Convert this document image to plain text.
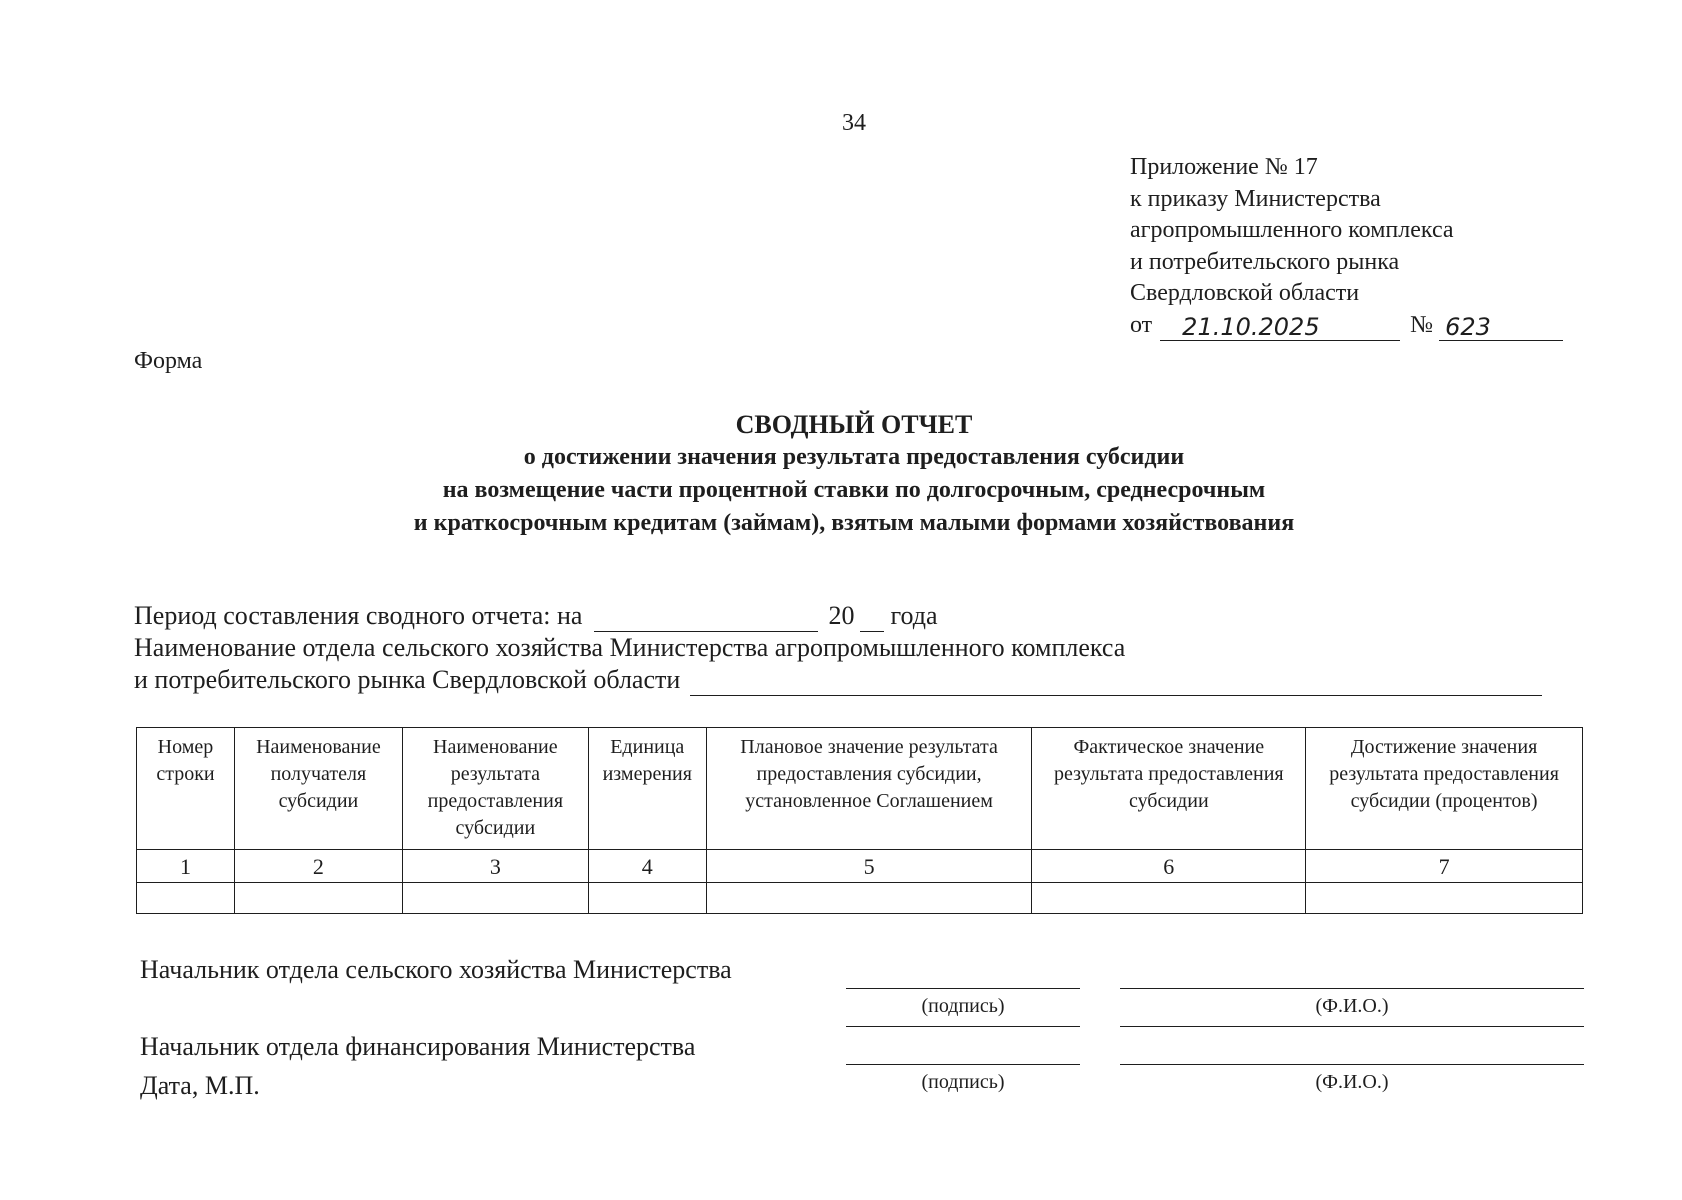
34
Приложение № 17
к приказу Министерства
агропромышленного комплекса
и потребительского рынка
Свердловской области
от	21.10.2025	№ 623
Форма
СВОДНЫЙ ОТЧЕТ
о достижении значения результата предоставления субсидии
на возмещение части процентной ставки по долгосрочным, среднесрочным
и краткосрочным кредитам (займам), взятым малыми формами хозяйствования
Период составления сводного отчета: на	20 года
Наименование отдела сельского хозяйства Министерства агропромышленного комплекса
и потребительского рынка Свердловской области
Номер строки	Наименование получателя субсидии	Наименование результата предоставления субсидии	Единица измерения	Плановое значение результата предоставления субсидии, установленное Соглашением	Фактическое значение результата предоставления субсидии	Достижение значения результата предоставления субсидии (процентов)
1	2	3	4	5	6	7

Начальник отдела сельского хозяйства Министерства
(подпись)	(Ф.И.О.)
Начальник отдела финансирования Министерства
Дата, М.П.	(подпись)	(Ф.И.О.)
